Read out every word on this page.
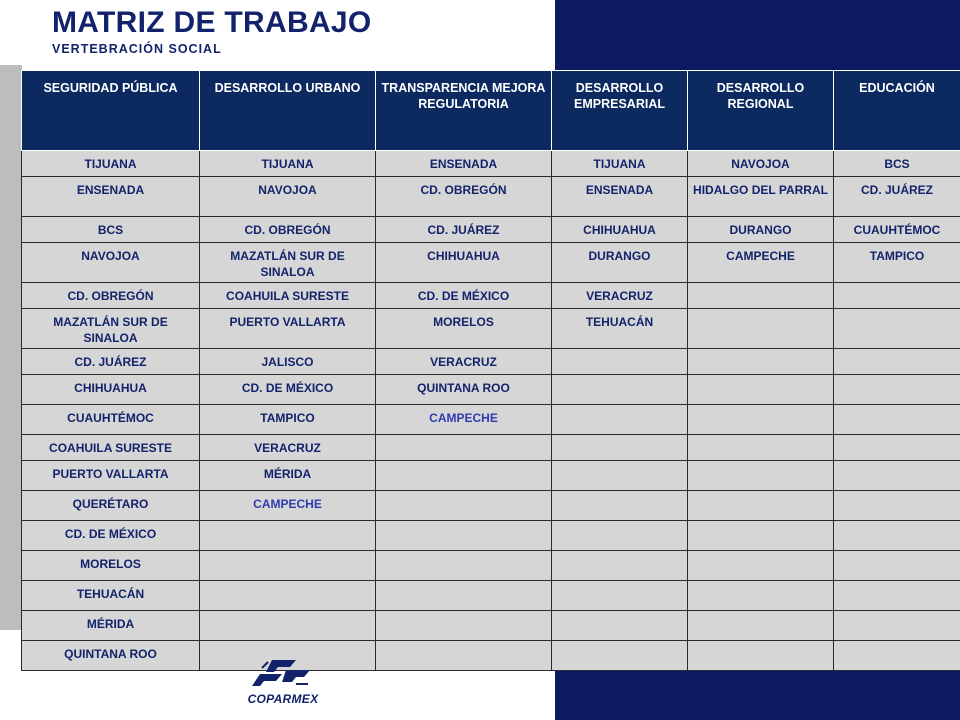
MATRIZ DE TRABAJO
VERTEBRACIÓN SOCIAL
SEGURIDAD PÚBLICA	DESARROLLO URBANO	TRANSPARENCIA MEJORA REGULATORIA	DESARROLLO EMPRESARIAL	DESARROLLO REGIONAL	EDUCACIÓN
TIJUANA	TIJUANA	ENSENADA	TIJUANA	NAVOJOA	BCS
ENSENADA	NAVOJOA	CD. OBREGÓN	ENSENADA	HIDALGO DEL PARRAL	CD. JUÁREZ
BCS	CD. OBREGÓN	CD. JUÁREZ	CHIHUAHUA	DURANGO	CUAUHTÉMOC
NAVOJOA	MAZATLÁN SUR DE SINALOA	CHIHUAHUA	DURANGO	CAMPECHE	TAMPICO
CD. OBREGÓN	COAHUILA SURESTE	CD. DE MÉXICO	VERACRUZ		
MAZATLÁN SUR DE SINALOA	PUERTO VALLARTA	MORELOS	TEHUACÁN		
CD. JUÁREZ	JALISCO	VERACRUZ			
CHIHUAHUA	CD. DE MÉXICO	QUINTANA ROO			
CUAUHTÉMOC	TAMPICO	CAMPECHE			
COAHUILA SURESTE	VERACRUZ				
PUERTO VALLARTA	MÉRIDA				
QUERÉTARO	CAMPECHE				
CD. DE MÉXICO					
MORELOS					
TEHUACÁN					
MÉRIDA					
QUINTANA ROO					
COPARMEX
